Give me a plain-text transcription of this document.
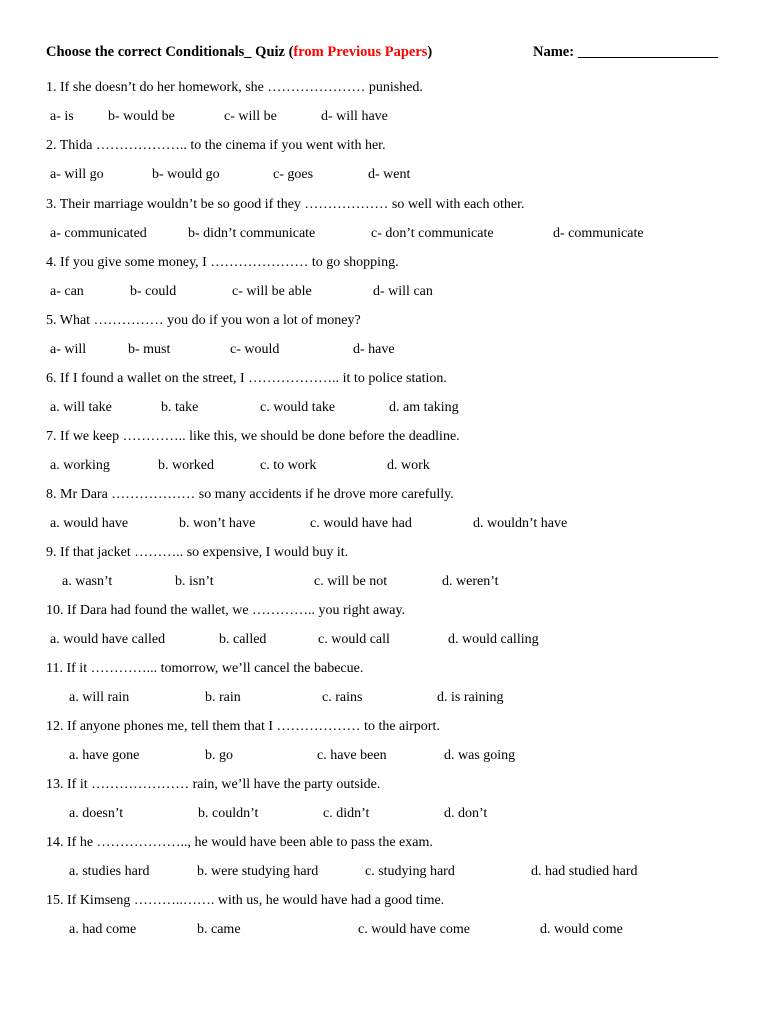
Choose the correct Conditionals_ Quiz (from Previous Papers)	Name:
1. If she doesn’t do her homework, she ………………… punished.
a- is b- would be	c- will be	d- will have
2. Thida ……………….. to the cinema if you went with her.
a- will go	b- would go	c- goes	d- went
3. Their marriage wouldn’t be so good if they ……………… so well with each other.
a- communicated	b- didn’t communicate	c- don’t communicate	d- communicate
4. If you give some money, I ………………… to go shopping.
a- can	b- could	c- will be able	d- will can
5. What …………… you do if you won a lot of money?
a- will	b- must	c- would	d- have
6. If I found a wallet on the street, I ……………….. it to police station.
a. will take	b. take	c. would take	d. am taking
7. If we keep ………….. like this, we should be done before the deadline.
a. working	b. worked	c. to work	d. work
8. Mr Dara ……………… so many accidents if he drove more carefully.
a. would have	b. won’t have	c. would have had	d. wouldn’t have
9. If that jacket ……….. so expensive, I would buy it.
a. wasn’t	b. isn’t	c. will be not	d. weren’t
10. If Dara had found the wallet, we ………….. you right away.
a. would have called	b. called	c. would call	d. would calling
11. If it …………... tomorrow, we’ll cancel the babecue.
a. will rain	b. rain	c. rains	d. is raining
12. If anyone phones me, tell them that I ……………… to the airport.
a. have gone	b. go	c. have been	d. was going
13. If it ………………… rain, we’ll have the party outside.
a. doesn’t	b. couldn’t	c. didn’t	d. don’t
14. If he ……………….., he would have been able to pass the exam.
a. studies hard	b. were studying hard	c. studying hard	d. had studied hard
15. If Kimseng ………..……. with us, he would have had a good time.
a. had come	b. came	c. would have come	d. would come
